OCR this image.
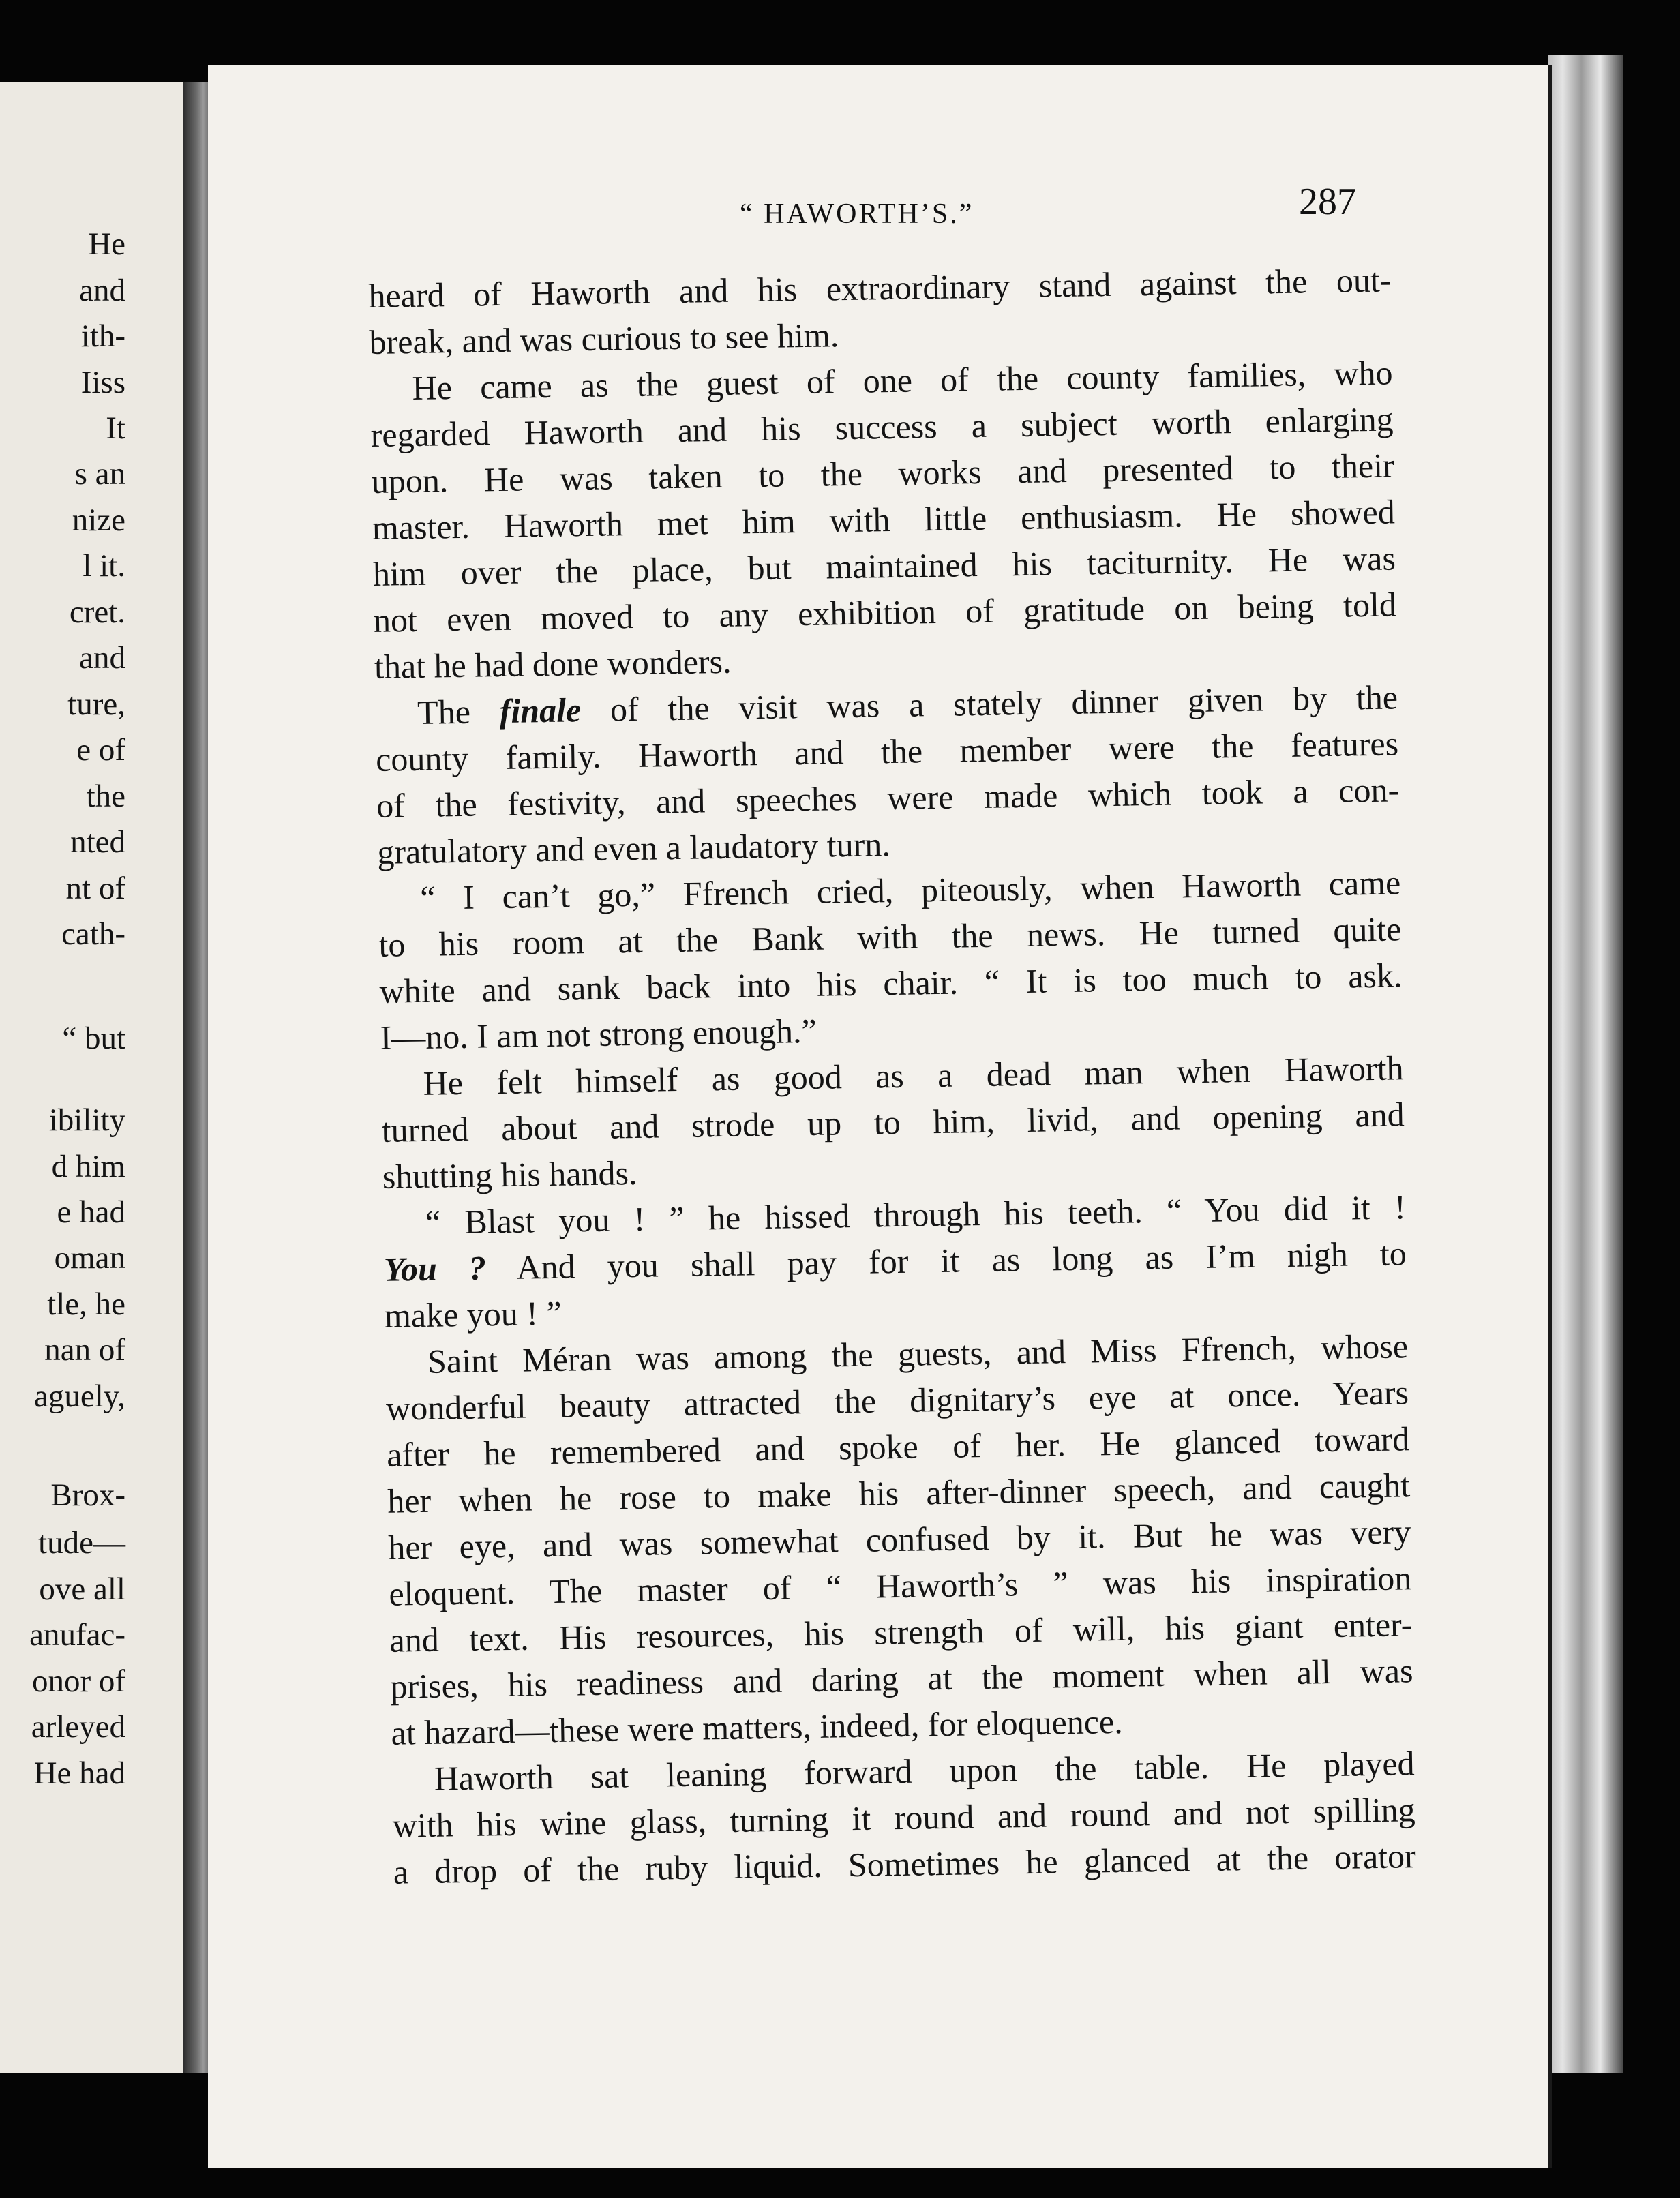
He
and
ith-
Iiss
It
s an
nize
l it.
cret.
and
ture,
e of
the
nted
nt of
cath-
“ but
ibility
d him
e had
oman
tle, he
nan of
aguely,
Brox-
tude—
ove all
anufac-
onor of
arleyed
He had
“ HAWORTH’S.”	287
heard of Haworth and his extraordinary stand against the out-
break, and was curious to see him.
He came as the guest of one of the county families, who
regarded Haworth and his success a subject worth enlarging
upon. He was taken to the works and presented to their
master. Haworth met him with little enthusiasm. He showed
him over the place, but maintained his taciturnity. He was
not even moved to any exhibition of gratitude on being told
that he had done wonders.
The finale of the visit was a stately dinner given by the
county family. Haworth and the member were the features
of the festivity, and speeches were made which took a con-
gratulatory and even a laudatory turn.
“ I can’t go,” Ffrench cried, piteously, when Haworth came
to his room at the Bank with the news. He turned quite
white and sank back into his chair. “ It is too much to ask.
I—no. I am not strong enough.”
He felt himself as good as a dead man when Haworth
turned about and strode up to him, livid, and opening and
shutting his hands.
“ Blast you ! ” he hissed through his teeth. “ You did it !
You ? And you shall pay for it as long as I’m nigh to
make you ! ”
Saint Méran was among the guests, and Miss Ffrench, whose
wonderful beauty attracted the dignitary’s eye at once. Years
after he remembered and spoke of her. He glanced toward
her when he rose to make his after-dinner speech, and caught
her eye, and was somewhat confused by it. But he was very
eloquent. The master of “ Haworth’s ” was his inspiration
and text. His resources, his strength of will, his giant enter-
prises, his readiness and daring at the moment when all was
at hazard—these were matters, indeed, for eloquence.
Haworth sat leaning forward upon the table. He played
with his wine glass, turning it round and round and not spilling
a drop of the ruby liquid. Sometimes he glanced at the orator
